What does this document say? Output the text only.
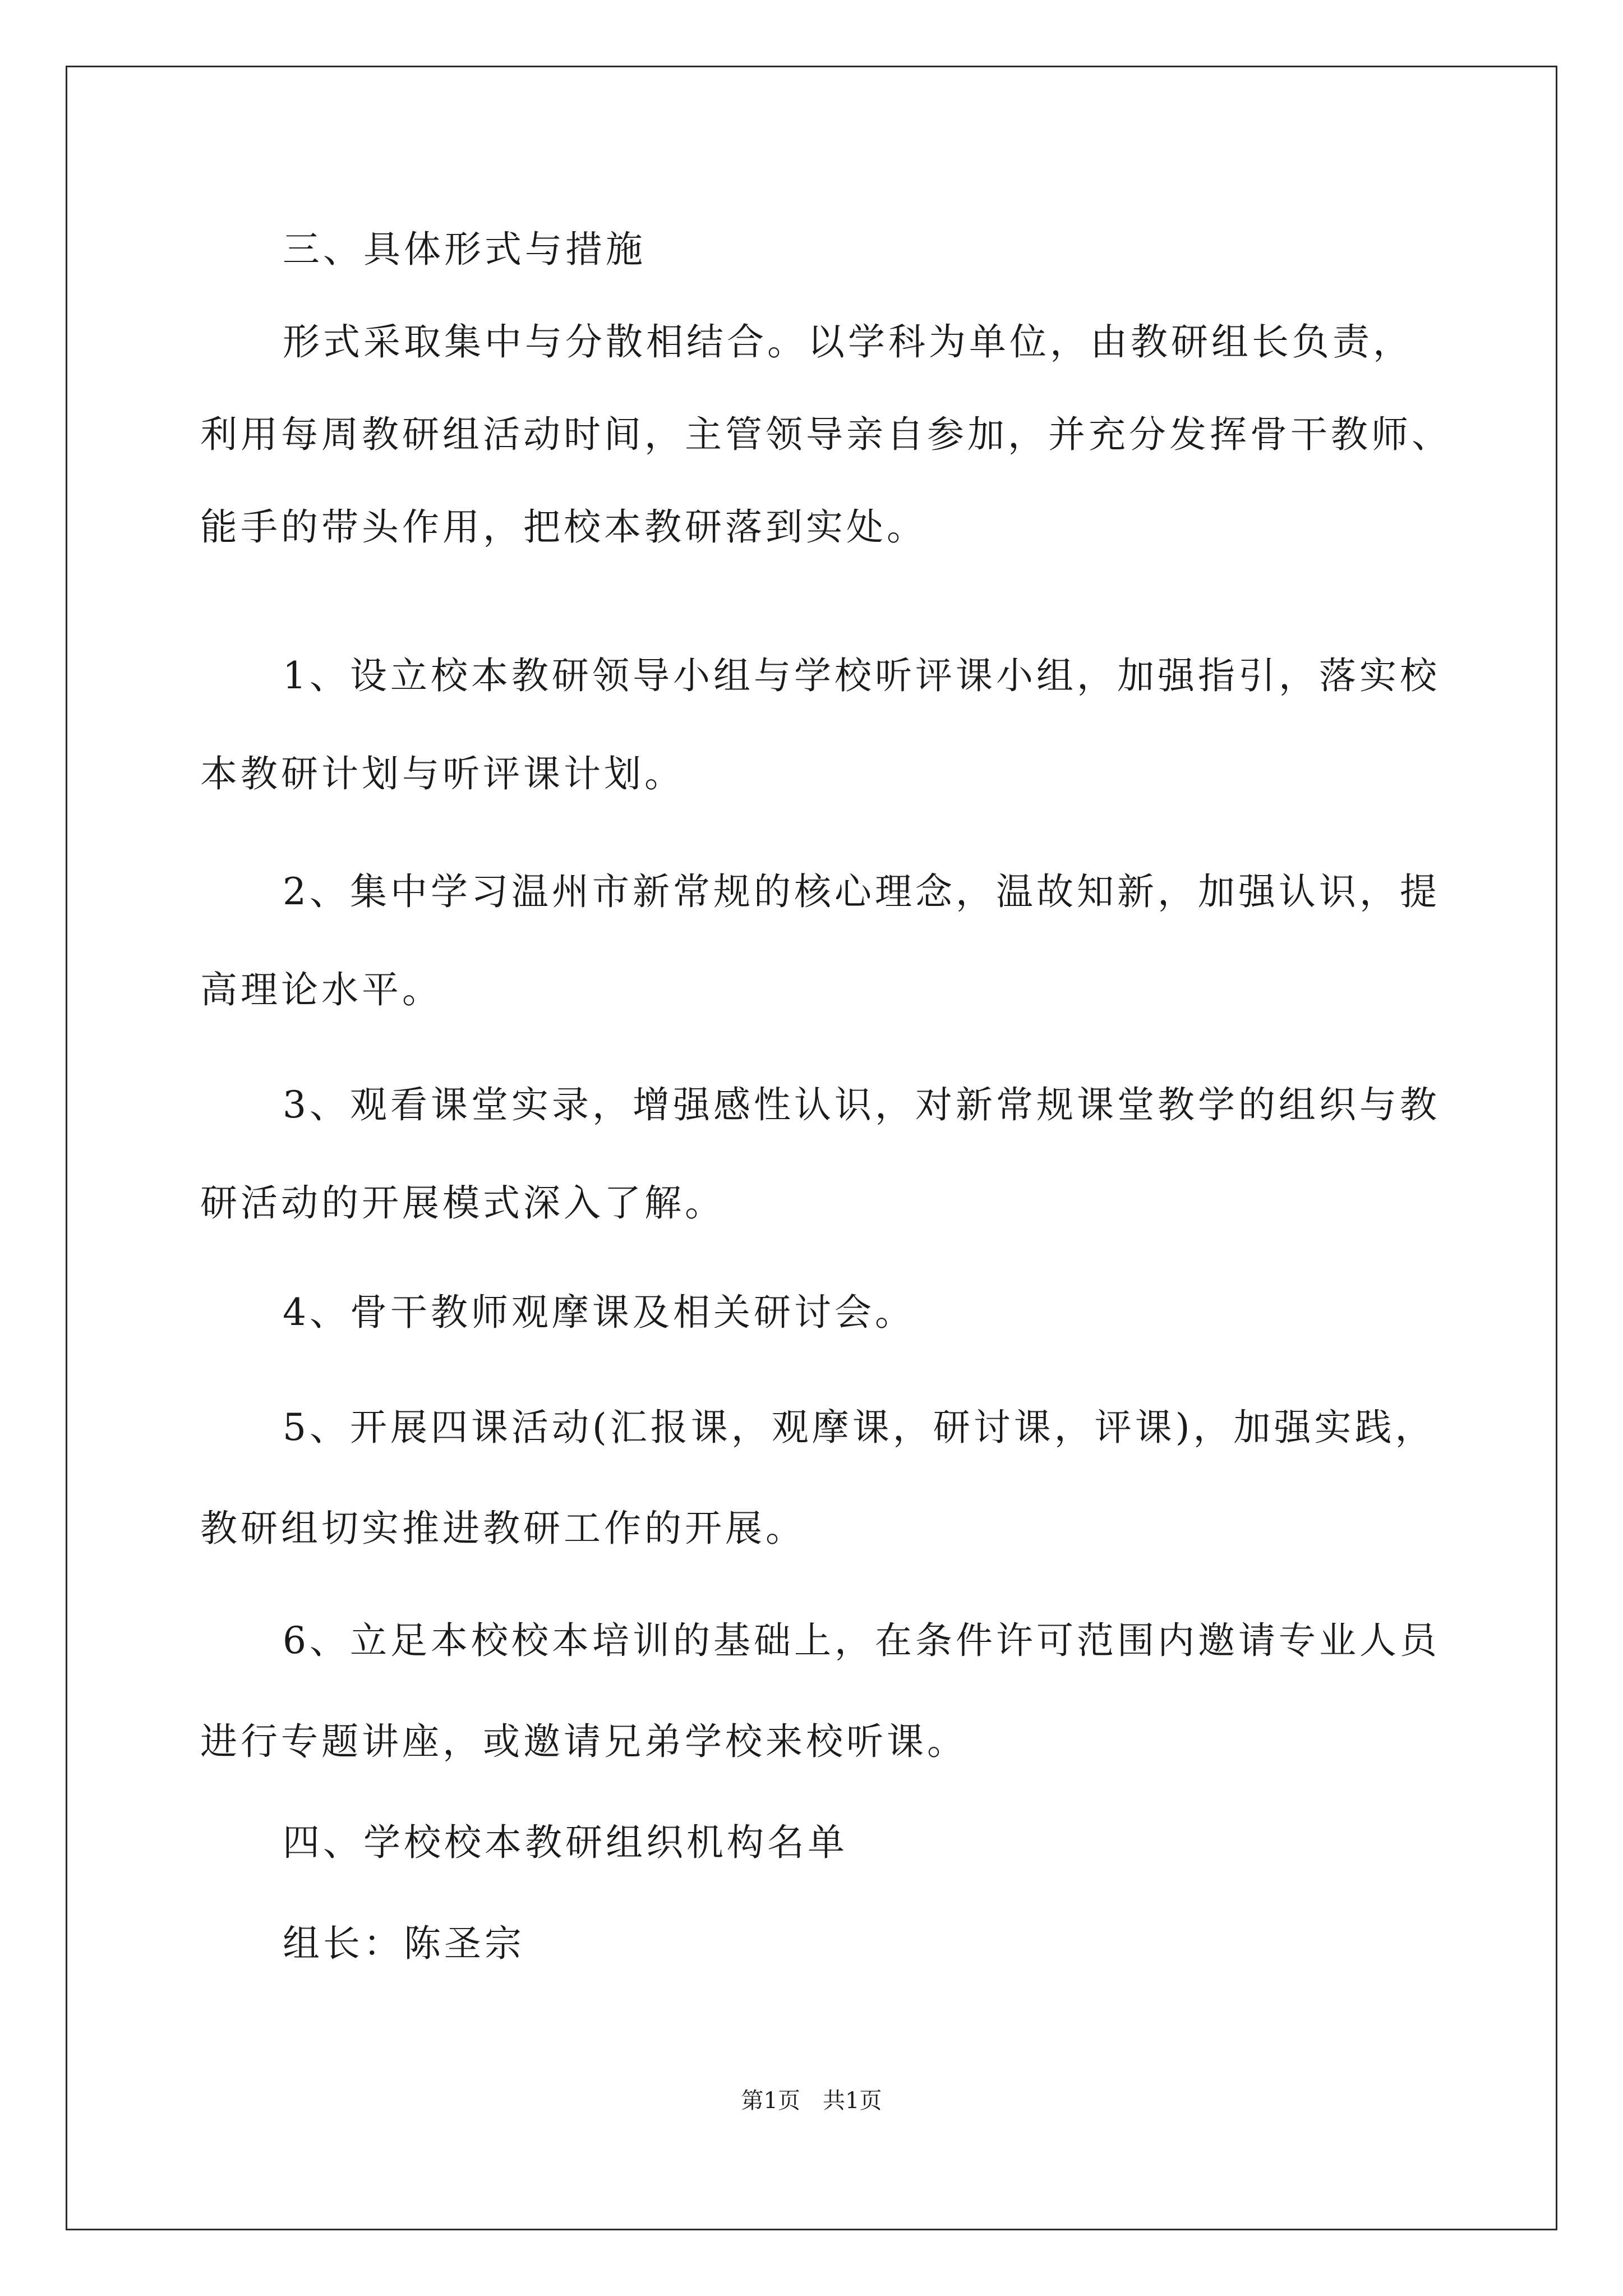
三、具体形式与措施
形式采取集中与分散相结合。以学科为单位，由教研组长负责，
利用每周教研组活动时间，主管领导亲自参加，并充分发挥骨干教师、
能手的带头作用，把校本教研落到实处。
1、设立校本教研领导小组与学校听评课小组，加强指引，落实校
本教研计划与听评课计划。
2、集中学习温州市新常规的核心理念，温故知新，加强认识，提
高理论水平。
3、观看课堂实录，增强感性认识，对新常规课堂教学的组织与教
研活动的开展模式深入了解。
4、骨干教师观摩课及相关研讨会。
5、开展四课活动(汇报课，观摩课，研讨课，评课)，加强实践，
教研组切实推进教研工作的开展。
6、立足本校校本培训的基础上，在条件许可范围内邀请专业人员
进行专题讲座，或邀请兄弟学校来校听课。
四、学校校本教研组织机构名单
组长：陈圣宗
第1页　共1页
